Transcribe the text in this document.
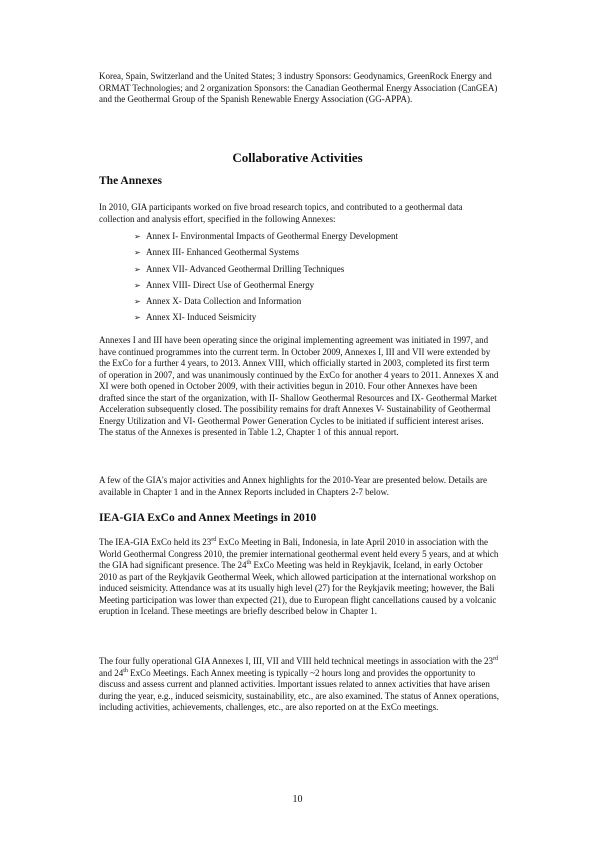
Korea, Spain, Switzerland and the United States; 3 industry Sponsors: Geodynamics, GreenRock Energy and ORMAT Technologies; and 2 organization Sponsors: the Canadian Geothermal Energy Association (CanGEA) and the Geothermal Group of the Spanish Renewable Energy Association (GG-APPA).

Collaborative Activities
The Annexes

In 2010, GIA participants worked on five broad research topics, and contributed to a geothermal data collection and analysis effort, specified in the following Annexes:

➢ Annex I- Environmental Impacts of Geothermal Energy Development
➢ Annex III- Enhanced Geothermal Systems
➢ Annex VII- Advanced Geothermal Drilling Techniques
➢ Annex VIII- Direct Use of Geothermal Energy
➢ Annex X- Data Collection and Information
➢ Annex XI- Induced Seismicity

Annexes I and III have been operating since the original implementing agreement was initiated in 1997, and have continued programmes into the current term. In October 2009, Annexes I, III and VII were extended by the ExCo for a further 4 years, to 2013. Annex VIII, which officially started in 2003, completed its first term of operation in 2007, and was unanimously continued by the ExCo for another 4 years to 2011. Annexes X and XI were both opened in October 2009, with their activities begun in 2010. Four other Annexes have been drafted since the start of the organization, with II- Shallow Geothermal Resources and IX- Geothermal Market Acceleration subsequently closed. The possibility remains for draft Annexes V- Sustainability of Geothermal Energy Utilization and VI- Geothermal Power Generation Cycles to be initiated if sufficient interest arises. The status of the Annexes is presented in Table 1.2, Chapter 1 of this annual report.

A few of the GIA's major activities and Annex highlights for the 2010-Year are presented below. Details are available in Chapter 1 and in the Annex Reports included in Chapters 2-7 below.

IEA-GIA ExCo and Annex Meetings in 2010

The IEA-GIA ExCo held its 23rd ExCo Meeting in Bali, Indonesia, in late April 2010 in association with the World Geothermal Congress 2010, the premier international geothermal event held every 5 years, and at which the GIA had significant presence. The 24th ExCo Meeting was held in Reykjavik, Iceland, in early October 2010 as part of the Reykjavik Geothermal Week, which allowed participation at the international workshop on induced seismicity. Attendance was at its usually high level (27) for the Reykjavik meeting; however, the Bali Meeting participation was lower than expected (21), due to European flight cancellations caused by a volcanic eruption in Iceland. These meetings are briefly described below in Chapter 1.

The four fully operational GIA Annexes I, III, VII and VIII held technical meetings in association with the 23rd and 24th ExCo Meetings. Each Annex meeting is typically ~2 hours long and provides the opportunity to discuss and assess current and planned activities. Important issues related to annex activities that have arisen during the year, e.g., induced seismicity, sustainability, etc., are also examined. The status of Annex operations, including activities, achievements, challenges, etc., are also reported on at the ExCo meetings.

10
